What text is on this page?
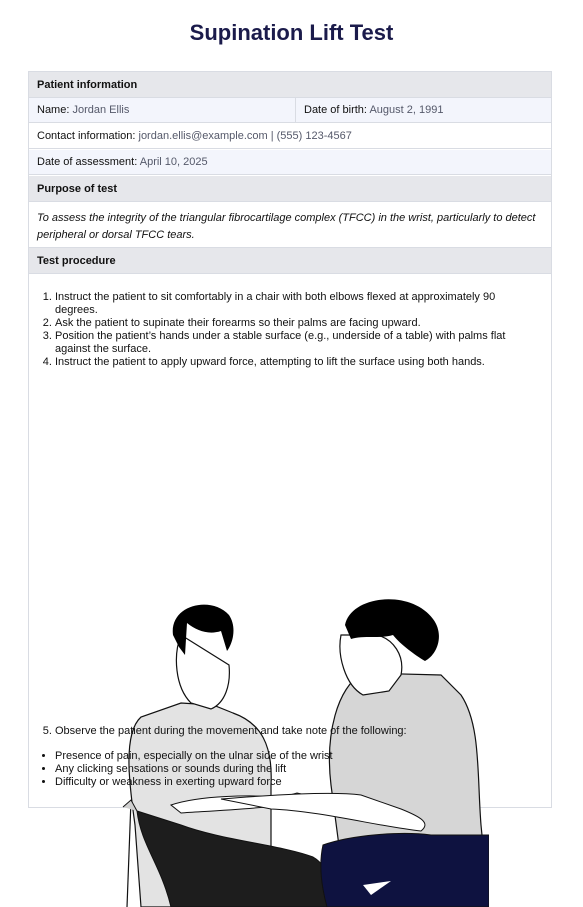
Supination Lift Test
Patient information
Name: Jordan Ellis	Date of birth: August 2, 1991
Contact information: jordan.ellis@example.com | (555) 123-4567
Date of assessment: April 10, 2025
Purpose of test
To assess the integrity of the triangular fibrocartilage complex (TFCC) in the wrist, particularly to detect peripheral or dorsal TFCC tears.
Test procedure
1. Instruct the patient to sit comfortably in a chair with both elbows flexed at approximately 90 degrees.
2. Ask the patient to supinate their forearms so their palms are facing upward.
3. Position the patient’s hands under a stable surface (e.g., underside of a table) with palms flat against the surface.
4. Instruct the patient to apply upward force, attempting to lift the surface using both hands.
5. Observe the patient during the movement and take note of the following:
• Presence of pain, especially on the ulnar side of the wrist
• Any clicking sensations or sounds during the lift
• Difficulty or weakness in exerting upward force
